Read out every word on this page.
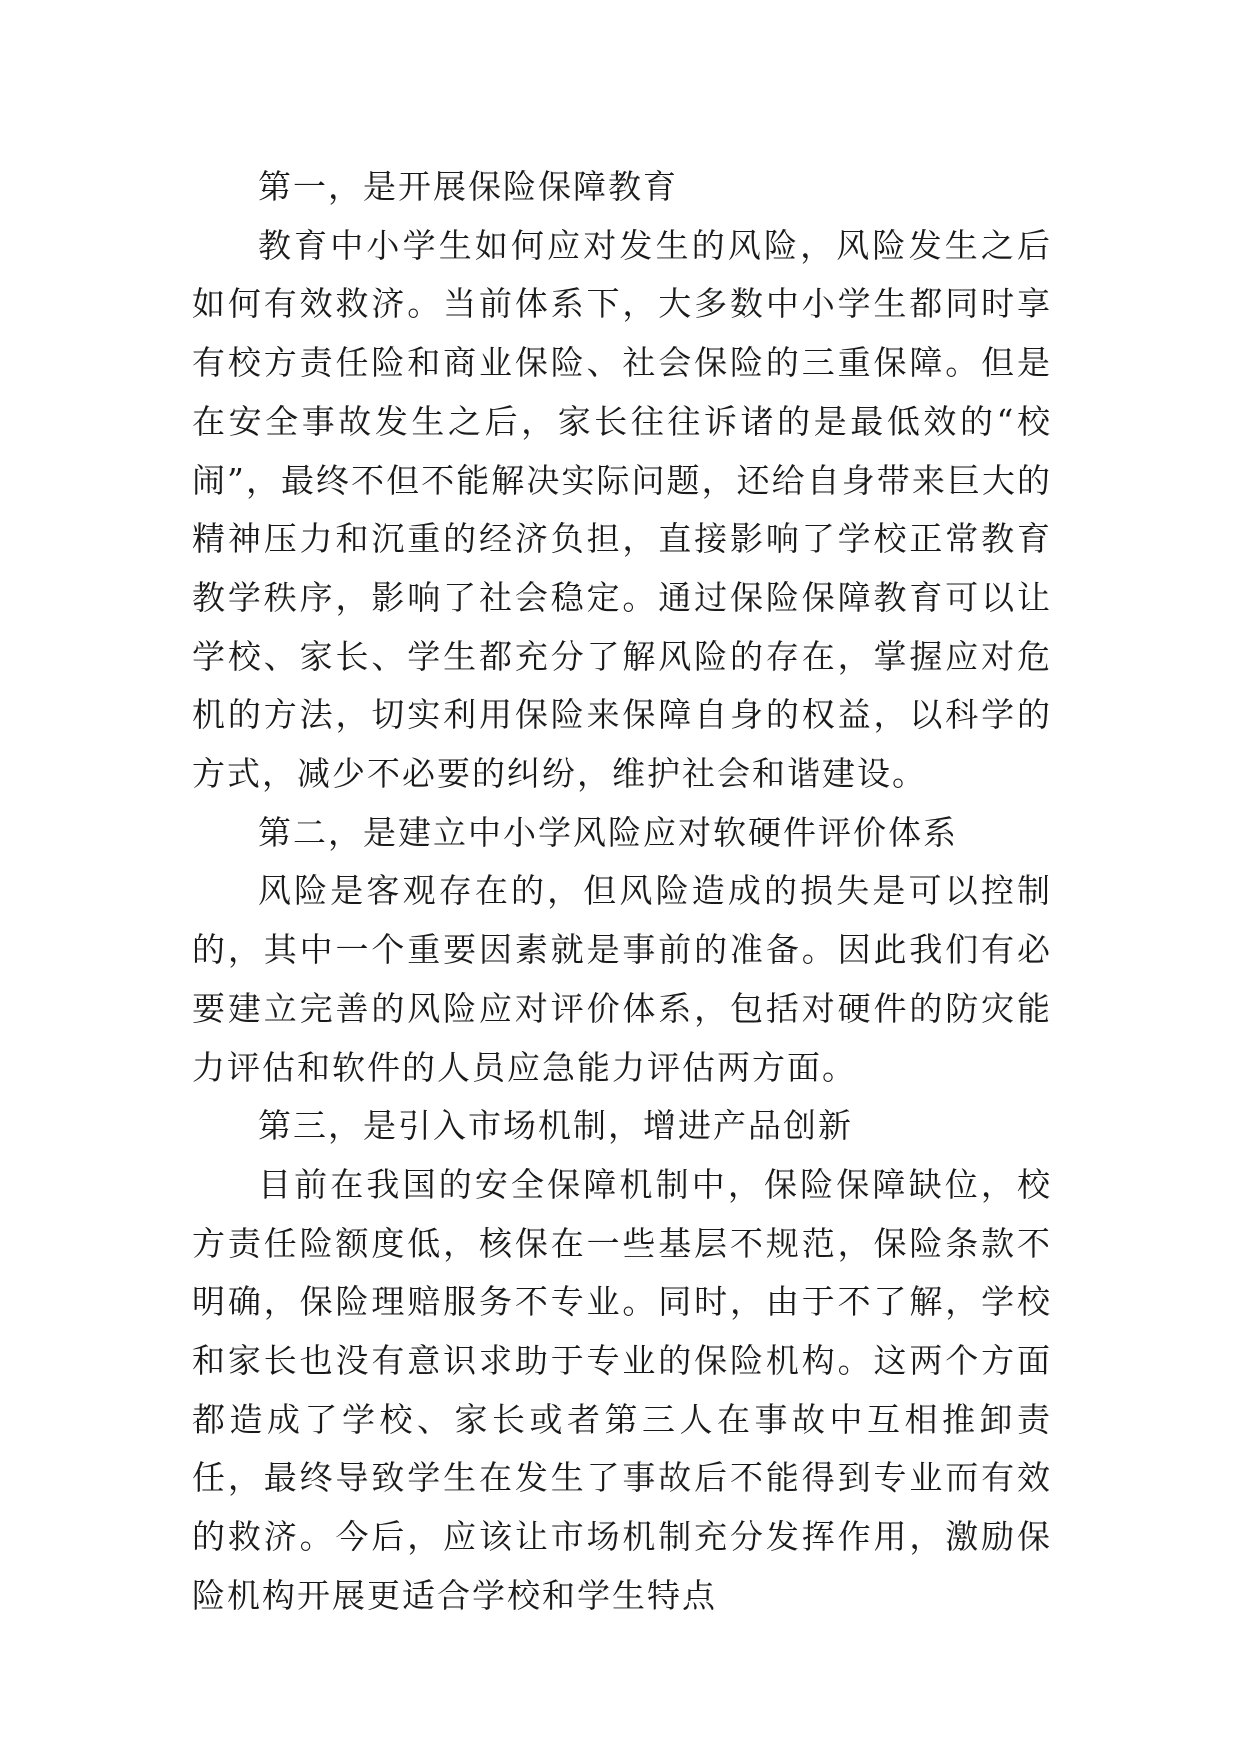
第一，是开展保险保障教育

教育中小学生如何应对发生的风险，风险发生之后如何有效救济。当前体系下，大多数中小学生都同时享有校方责任险和商业保险、社会保险的三重保障。但是在安全事故发生之后，家长往往诉诸的是最低效的“校闹”，最终不但不能解决实际问题，还给自身带来巨大的精神压力和沉重的经济负担，直接影响了学校正常教育教学秩序，影响了社会稳定。通过保险保障教育可以让学校、家长、学生都充分了解风险的存在，掌握应对危机的方法，切实利用保险来保障自身的权益，以科学的方式，减少不必要的纠纷，维护社会和谐建设。

第二，是建立中小学风险应对软硬件评价体系

风险是客观存在的，但风险造成的损失是可以控制的，其中一个重要因素就是事前的准备。因此我们有必要建立完善的风险应对评价体系，包括对硬件的防灾能力评估和软件的人员应急能力评估两方面。

第三，是引入市场机制，增进产品创新

目前在我国的安全保障机制中，保险保障缺位，校方责任险额度低，核保在一些基层不规范，保险条款不明确，保险理赔服务不专业。同时，由于不了解，学校和家长也没有意识求助于专业的保险机构。这两个方面都造成了学校、家长或者第三人在事故中互相推卸责任，最终导致学生在发生了事故后不能得到专业而有效的救济。今后，应该让市场机制充分发挥作用，激励保险机构开展更适合学校和学生特点
